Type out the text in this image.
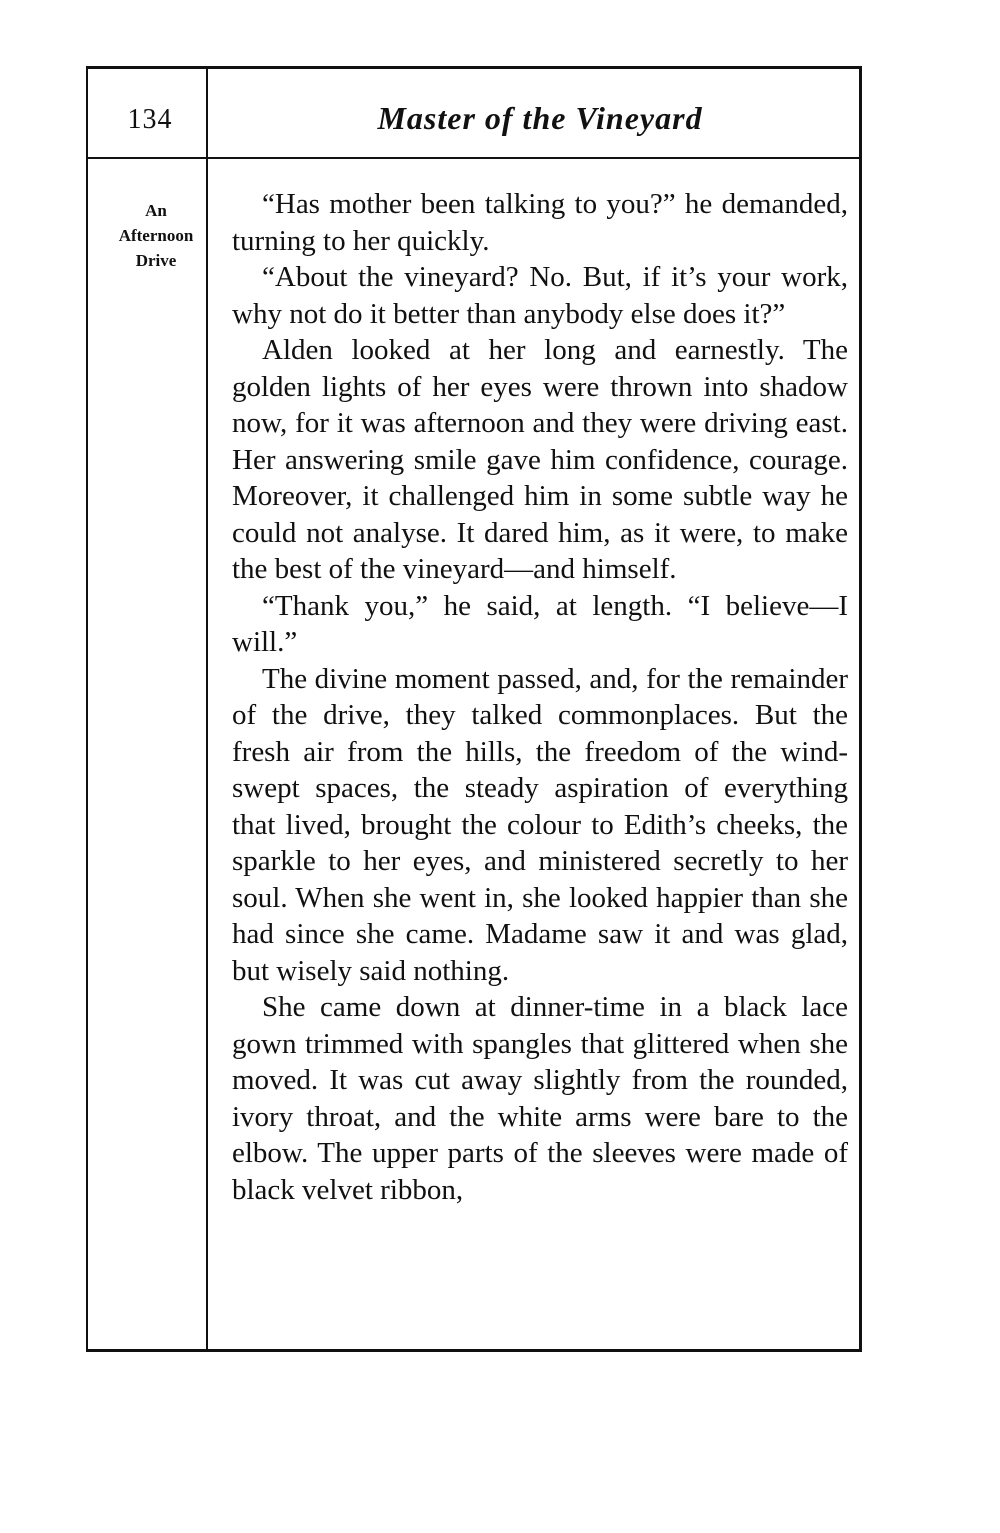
134	Master of the Vineyard
An
Afternoon
Drive

“Has mother been talking to you?” he demanded, turning to her quickly.

“About the vineyard? No. But, if it’s your work, why not do it better than anybody else does it?”

Alden looked at her long and earnestly. The golden lights of her eyes were thrown into shadow now, for it was afternoon and they were driving east. Her answering smile gave him confidence, courage. Moreover, it challenged him in some subtle way he could not analyse. It dared him, as it were, to make the best of the vineyard—and himself.

“Thank you,” he said, at length. “I believe—I will.”

The divine moment passed, and, for the remainder of the drive, they talked commonplaces. But the fresh air from the hills, the freedom of the wind-swept spaces, the steady aspiration of everything that lived, brought the colour to Edith’s cheeks, the sparkle to her eyes, and ministered secretly to her soul. When she went in, she looked happier than she had since she came. Madame saw it and was glad, but wisely said nothing.

She came down at dinner-time in a black lace gown trimmed with spangles that glittered when she moved. It was cut away slightly from the rounded, ivory throat, and the white arms were bare to the elbow. The upper parts of the sleeves were made of black velvet ribbon,
